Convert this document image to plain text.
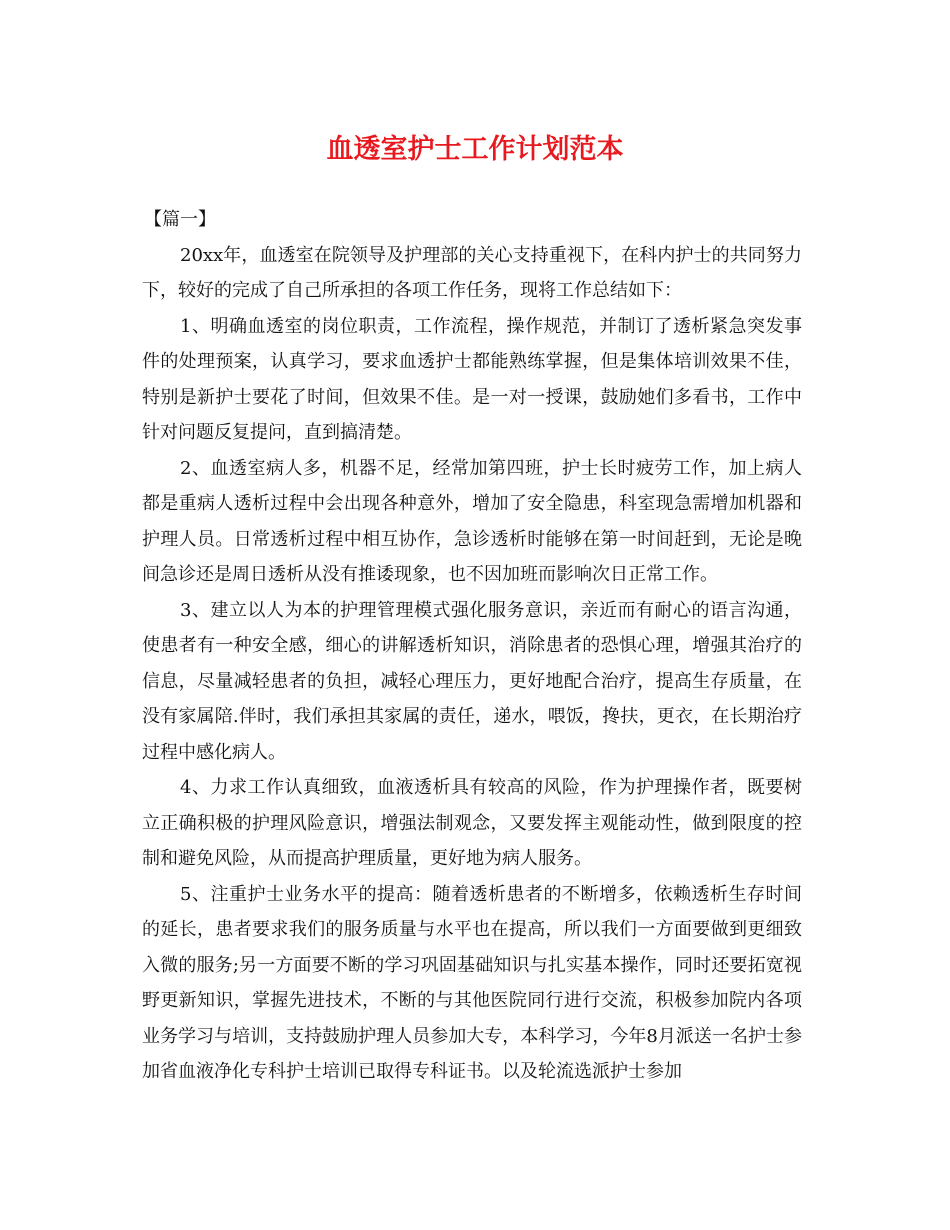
血透室护士工作计划范本

【篇一】

20xx年，血透室在院领导及护理部的关心支持重视下，在科内护士的共同努力下，较好的完成了自己所承担的各项工作任务，现将工作总结如下：

1、明确血透室的岗位职责，工作流程，操作规范，并制订了透析紧急突发事件的处理预案，认真学习，要求血透护士都能熟练掌握，但是集体培训效果不佳，特别是新护士要花了时间，但效果不佳。是一对一授课，鼓励她们多看书，工作中针对问题反复提问，直到搞清楚。

2、血透室病人多，机器不足，经常加第四班，护士长时疲劳工作，加上病人都是重病人透析过程中会出现各种意外，增加了安全隐患，科室现急需增加机器和护理人员。日常透析过程中相互协作，急诊透析时能够在第一时间赶到，无论是晚间急诊还是周日透析从没有推诿现象，也不因加班而影响次日正常工作。

3、建立以人为本的护理管理模式强化服务意识，亲近而有耐心的语言沟通，使患者有一种安全感，细心的讲解透析知识，消除患者的恐惧心理，增强其治疗的信息，尽量减轻患者的负担，减轻心理压力，更好地配合治疗，提高生存质量，在没有家属陪.伴时，我们承担其家属的责任，递水，喂饭，搀扶，更衣，在长期治疗过程中感化病人。

4、力求工作认真细致，血液透析具有较高的风险，作为护理操作者，既要树立正确积极的护理风险意识，增强法制观念，又要发挥主观能动性，做到限度的控制和避免风险，从而提高护理质量，更好地为病人服务。

5、注重护士业务水平的提高：随着透析患者的不断增多，依赖透析生存时间的延长，患者要求我们的服务质量与水平也在提高，所以我们一方面要做到更细致入微的服务;另一方面要不断的学习巩固基础知识与扎实基本操作，同时还要拓宽视野更新知识，掌握先进技术，不断的与其他医院同行进行交流，积极参加院内各项业务学习与培训，支持鼓励护理人员参加大专，本科学习，今年8月派送一名护士参加省血液净化专科护士培训已取得专科证书。以及轮流选派护士参加
